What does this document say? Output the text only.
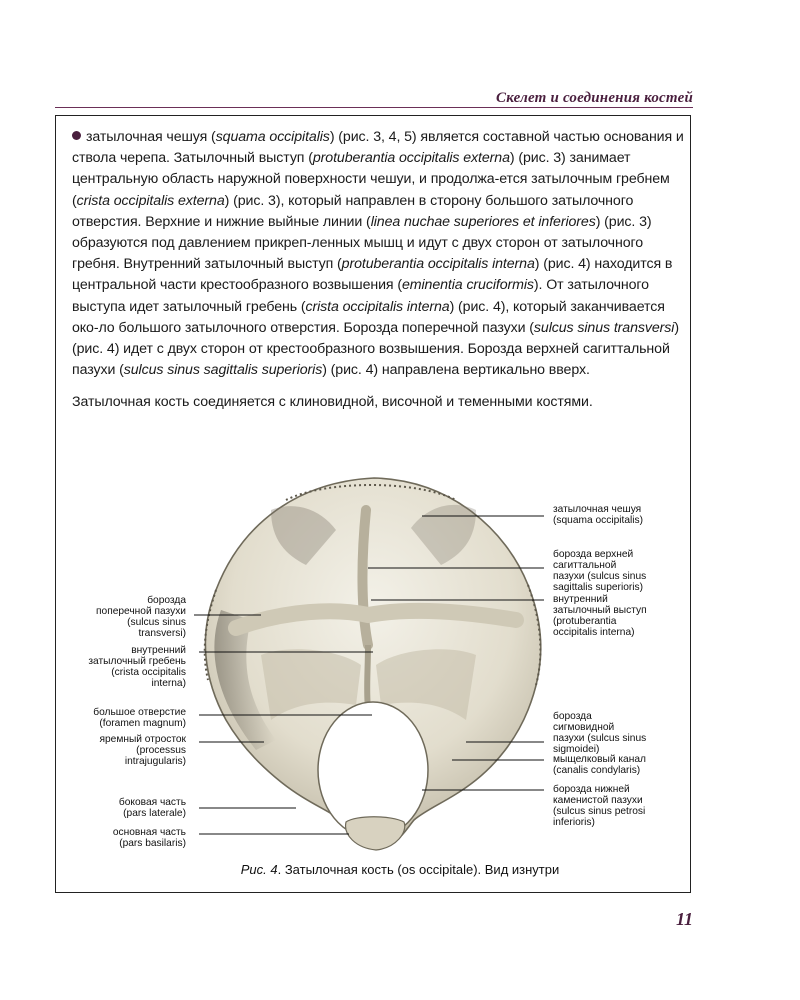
Скелет и соединения костей

затылочная чешуя (squama occipitalis) (рис. 3, 4, 5) является составной частью основания и ствола черепа. Затылочный выступ (protuberantia occipitalis externa) (рис. 3) занимает центральную область наружной поверхности чешуи, и продолжа-ется затылочным гребнем (crista occipitalis externa) (рис. 3), который направлен в сторону большого затылочного отверстия. Верхние и нижние выйные линии (linea nuchae superiores et inferiores) (рис. 3) образуются под давлением прикреп-ленных мышц и идут с двух сторон от затылочного гребня. Внутренний затылочный выступ (protuberantia occipitalis interna) (рис. 4) находится в центральной части крестообразного возвышения (eminentia cruciformis). От затылочного выступа идет затылочный гребень (crista occipitalis interna) (рис. 4), который заканчивается око-ло большого затылочного отверстия. Борозда поперечной пазухи (sulcus sinus transversi) (рис. 4) идет с двух сторон от крестообразного возвышения. Борозда верхней сагиттальной пазухи (sulcus sinus sagittalis superioris) (рис. 4) направлена вертикально вверх.

Затылочная кость соединяется с клиновидной, височной и теменными костями.

борозда
поперечной пазухи
(sulcus sinus
transversi)
внутренний
затылочный гребень
(crista occipitalis
interna)
большое отверстие
(foramen magnum)
яремный отросток
(processus
intrajugularis)
боковая часть
(pars laterale)
основная часть
(pars basilaris)
затылочная чешуя
(squama occipitalis)
борозда верхней
сагиттальной
пазухи (sulcus sinus
sagittalis superioris)
внутренний
затылочный выступ
(protuberantia
occipitalis interna)
борозда
сигмовидной
пазухи (sulcus sinus
sigmoidei)
мыщелковый канал
(canalis condylaris)
борозда нижней
каменистой пазухи
(sulcus sinus petrosi
inferioris)
Рис. 4. Затылочная кость (os occipitale). Вид изнутри
11
